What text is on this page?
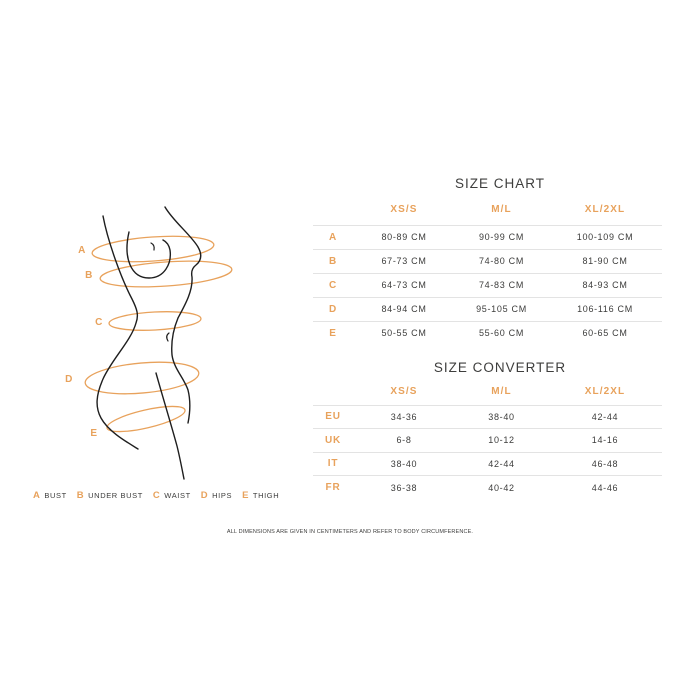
A
B
C
D
E
SIZE CHART
	XS/S	M/L	XL/2XL
A	80-89 CM	90-99 CM	100-109 CM
B	67-73 CM	74-80 CM	81-90 CM
C	64-73 CM	74-83 CM	84-93 CM
D	84-94 CM	95-105 CM	106-116 CM
E	50-55 CM	55-60 CM	60-65 CM
SIZE CONVERTER
	XS/S	M/L	XL/2XL
EU	34-36	38-40	42-44
UK	6-8	10-12	14-16
IT	38-40	42-44	46-48
FR	36-38	40-42	44-46
A BUST B UNDER BUST C WAIST D HIPS E THIGH
ALL DIMENSIONS ARE GIVEN IN CENTIMETERS AND REFER TO BODY CIRCUMFERENCE.
